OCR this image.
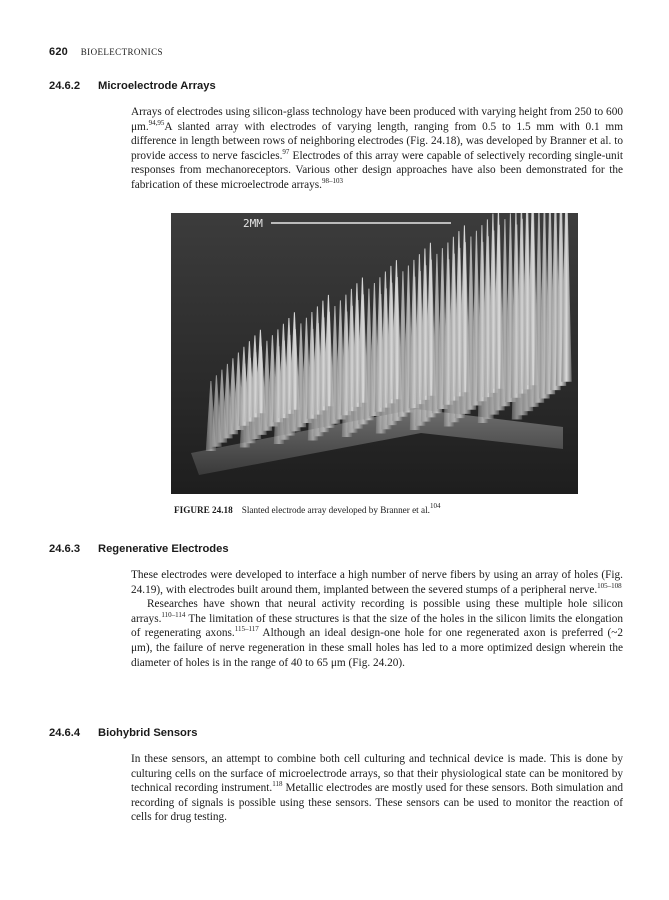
620 BIOELECTRONICS
24.6.2 Microelectrode Arrays

Arrays of electrodes using silicon-glass technology have been produced with varying height from 250 to 600 μm.$^{94,95}$A slanted array with electrodes of varying length, ranging from 0.5 to 1.5 mm with 0.1 mm difference in length between rows of neighboring electrodes (Fig. 24.18), was developed by Branner et al. to provide access to nerve fascicles.$^{97}$ Electrodes of this array were capable of selectively recording single-unit responses from mechanoreceptors. Various other design approaches have also been demonstrated for the fabrication of these microelectrode arrays.$^{98-103}$

2MM
FIGURE 24.18 Slanted electrode array developed by Branner et al.$^{104}$
24.6.3 Regenerative Electrodes

These electrodes were developed to interface a high number of nerve fibers by using an array of holes (Fig. 24.19), with electrodes built around them, implanted between the severed stumps of a peripheral nerve.$^{105-108}$

Researches have shown that neural activity recording is possible using these multiple hole silicon arrays.$^{110-114}$ The limitation of these structures is that the size of the holes in the silicon limits the elongation of regenerating axons.$^{115-117}$ Although an ideal design-one hole for one regenerated axon is preferred (~2 μm), the failure of nerve regeneration in these small holes has led to a more optimized design wherein the diameter of holes is in the range of 40 to 65 μm (Fig. 24.20).

24.6.4 Biohybrid Sensors

In these sensors, an attempt to combine both cell culturing and technical device is made. This is done by culturing cells on the surface of microelectrode arrays, so that their physiological state can be monitored by technical recording instrument.$^{118}$ Metallic electrodes are mostly used for these sensors. Both simulation and recording of signals is possible using these sensors. These sensors can be used to monitor the reaction of cells for drug testing.
